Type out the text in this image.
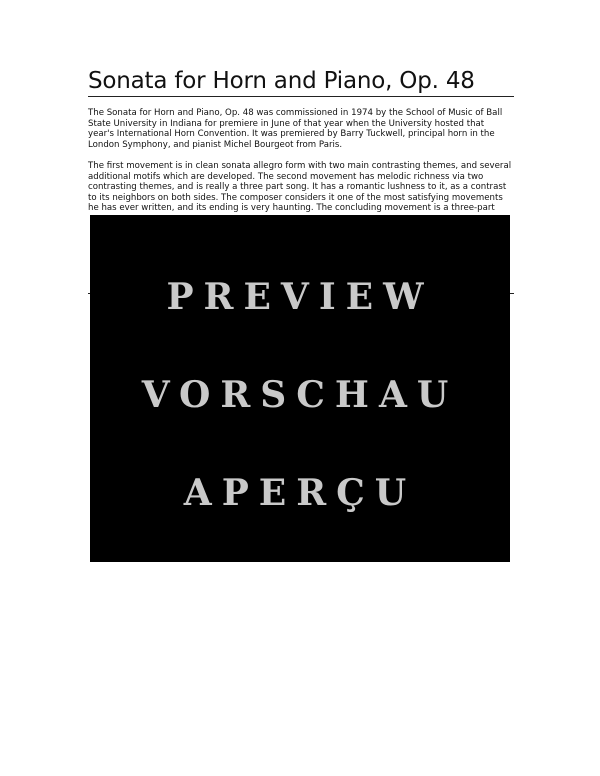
Sonata for Horn and Piano, Op. 48

The Sonata for Horn and Piano, Op. 48 was commissioned in 1974 by the School of Music of Ball State University in Indiana for premiere in June of that year when the University hosted that year's International Horn Convention. It was premiered by Barry Tuckwell, principal horn in the London Symphony, and pianist Michel Bourgeot from Paris.

The first movement is in clean sonata allegro form with two main contrasting themes, and several additional motifs which are developed. The second movement has melodic richness via two contrasting themes, and is really a three part song. It has a romantic lushness to it, as a contrast to its neighbors on both sides. The composer considers it one of the most satisfying movements he has ever written, and its ending is very haunting. The concluding movement is a three-part

PREVIEW
VORSCHAU
APERÇU
